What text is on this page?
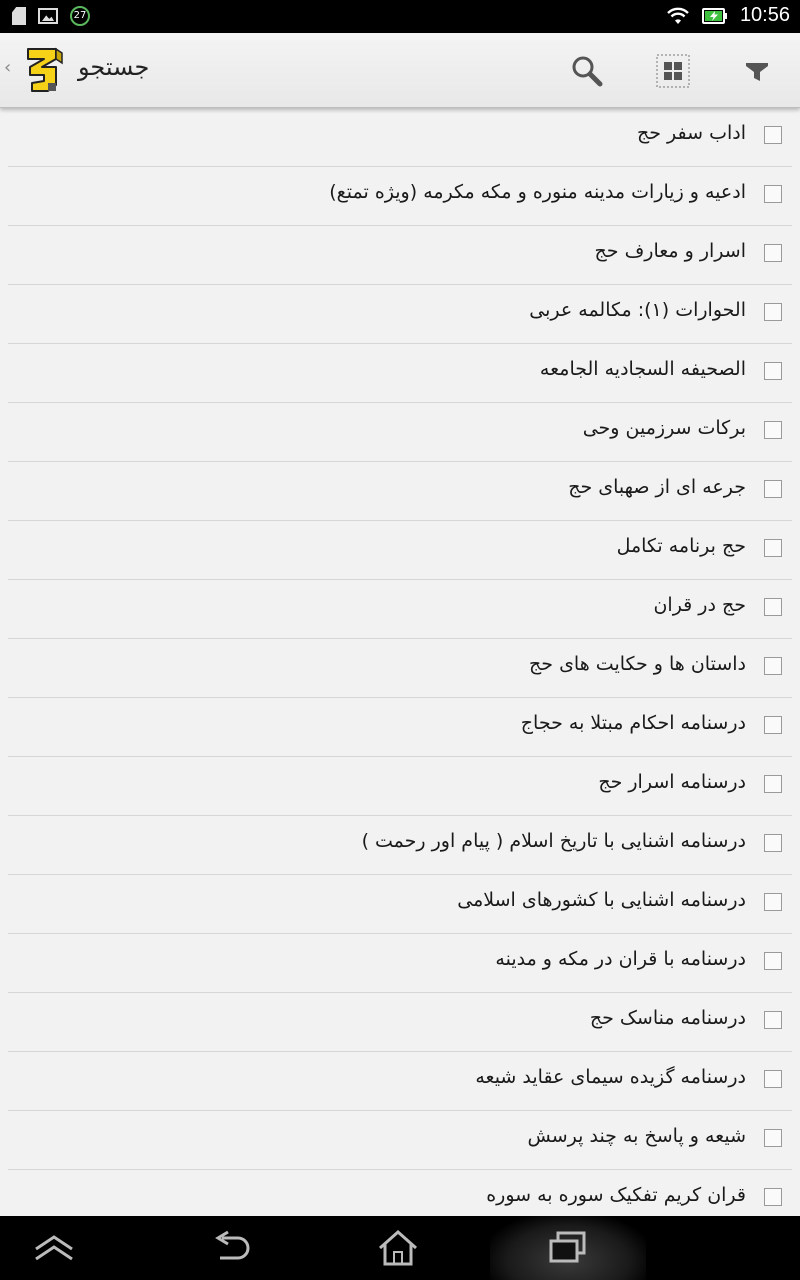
27	10:56
‹	جستجو
اداب سفر حج
ادعیه و زیارات مدینه منوره و مکه مکرمه (ویژه تمتع)
اسرار و معارف حج
الحوارات (۱): مکالمه عربی
الصحیفه السجادیه الجامعه
برکات سرزمین وحی
جرعه ای از صهبای حج
حج برنامه تکامل
حج در قران
داستان ها و حکایت های حج
درسنامه احکام مبتلا به حجاج
درسنامه اسرار حج
درسنامه اشنایی با تاریخ اسلام ( پیام اور رحمت )
درسنامه اشنایی با کشورهای اسلامی
درسنامه با قران در مکه و مدینه
درسنامه مناسک حج
درسنامه گزیده سیمای عقاید شیعه
شیعه و پاسخ به چند پرسش
قران کریم تفکیک سوره به سوره
